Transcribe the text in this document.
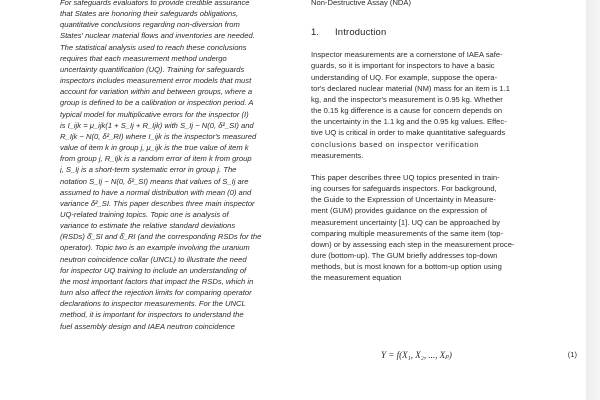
For safeguards evaluators to provide credible assurance
that States are honoring their safeguards obligations,
quantitative conclusions regarding non-diversion from
States' nuclear material flows and inventories are needed.
The statistical analysis used to reach these conclusions
requires that each measurement method undergo
uncertainty quantification (UQ). Training for safeguards
inspectors includes measurement error models that must
account for variation within and between groups, where a
group is defined to be a calibration or inspection period. A
typical model for multiplicative errors for the inspector (I)
is I_ijk = μ_ijk(1 + S_Ij + R_Ijk) with S_Ij ~ N(0, δ²_SI) and
R_Ijk ~ N(0, δ²_RI) where I_ijk is the inspector's measured
value of item k in group j, μ_ijk is the true value of item k
from group j, R_Ijk is a random error of item k from group
j, S_Ij is a short-term systematic error in group j. The
notation S_Ij ~ N(0, δ²_SI) means that values of S_Ij are
assumed to have a normal distribution with mean (0) and
variance δ²_SI. This paper describes three main inspector
UQ-related training topics. Topic one is analysis of
variance to estimate the relative standard deviations
(RSDs) δ̂_SI and δ̂_RI (and the corresponding RSDs for the
operator). Topic two is an example involving the uranium
neutron coincidence collar (UNCL) to illustrate the need
for inspector UQ training to include an understanding of
the most important factors that impact the RSDs, which in
turn also affect the rejection limits for comparing operator
declarations to inspector measurements. For the UNCL
method, it is important for inspectors to understand the
fuel assembly design and IAEA neutron coincidence
Non-Destructive Assay (NDA)
1. Introduction
Inspector measurements are a cornerstone of IAEA safe-
guards, so it is important for inspectors to have a basic
understanding of UQ. For example, suppose the opera-
tor's declared nuclear material (NM) mass for an item is 1.1
kg, and the inspector's measurement is 0.95 kg. Whether
the 0.15 kg difference is a cause for concern depends on
the uncertainty in the 1.1 kg and the 0.95 kg values. Effec-
tive UQ is critical in order to make quantitative safeguards
conclusions based on inspector verification
measurements.
This paper describes three UQ topics presented in train-
ing courses for safeguards inspectors. For background,
the Guide to the Expression of Uncertainty in Measure-
ment (GUM) provides guidance on the expression of
measurement uncertainty [1]. UQ can be approached by
comparing multiple measurements of the same item (top-
down) or by assessing each step in the measurement proce-
dure (bottom-up). The GUM briefly addresses top-down
methods, but is most known for a bottom-up option using
the measurement equation
Y = f(X₁, X₂, ..., Xₚ)	(1)
